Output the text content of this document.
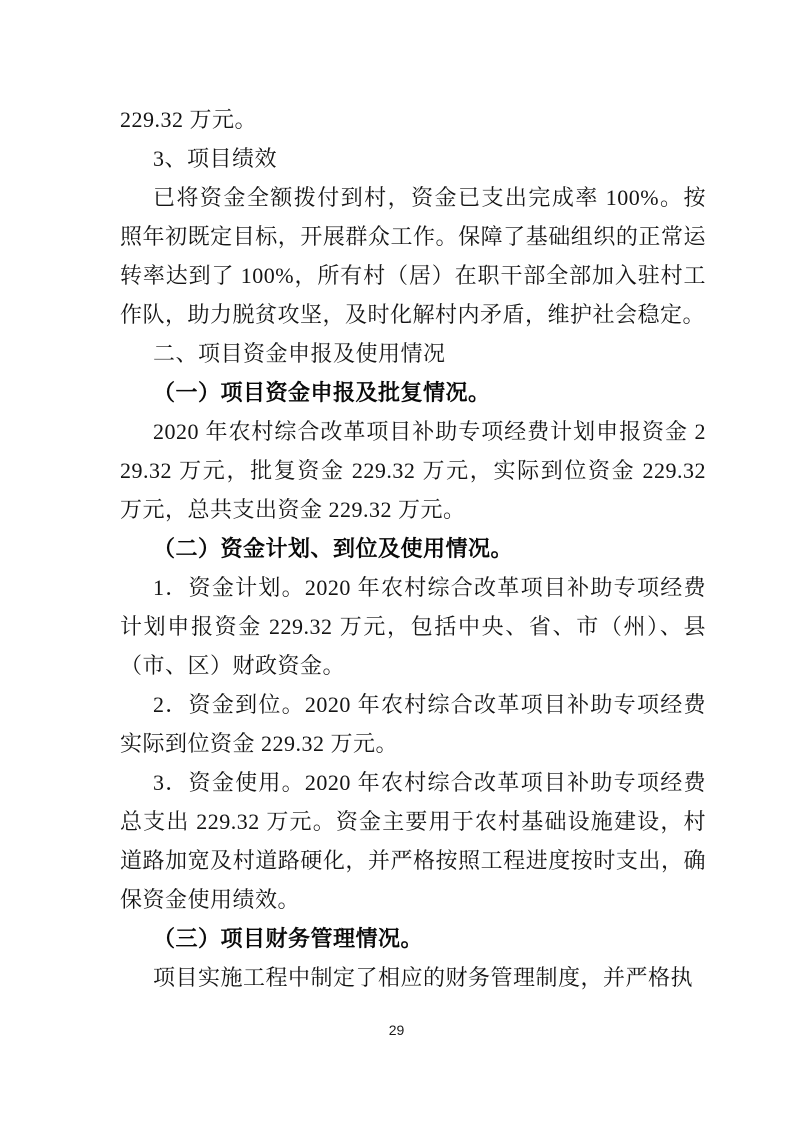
229.32 万元。

3、项目绩效

已将资金全额拨付到村，资金已支出完成率 100%。按照年初既定目标，开展群众工作。保障了基础组织的正常运转率达到了 100%，所有村（居）在职干部全部加入驻村工作队，助力脱贫攻坚，及时化解村内矛盾，维护社会稳定。

二、项目资金申报及使用情况

（一）项目资金申报及批复情况。

2020 年农村综合改革项目补助专项经费计划申报资金 229.32 万元，批复资金 229.32 万元，实际到位资金 229.32 万元，总共支出资金 229.32 万元。

（二）资金计划、到位及使用情况。

1．资金计划。2020 年农村综合改革项目补助专项经费计划申报资金 229.32 万元，包括中央、省、市（州）、县（市、区）财政资金。

2．资金到位。2020 年农村综合改革项目补助专项经费实际到位资金 229.32 万元。

3．资金使用。2020 年农村综合改革项目补助专项经费总支出 229.32 万元。资金主要用于农村基础设施建设，村道路加宽及村道路硬化，并严格按照工程进度按时支出，确保资金使用绩效。

（三）项目财务管理情况。

项目实施工程中制定了相应的财务管理制度，并严格执

29
